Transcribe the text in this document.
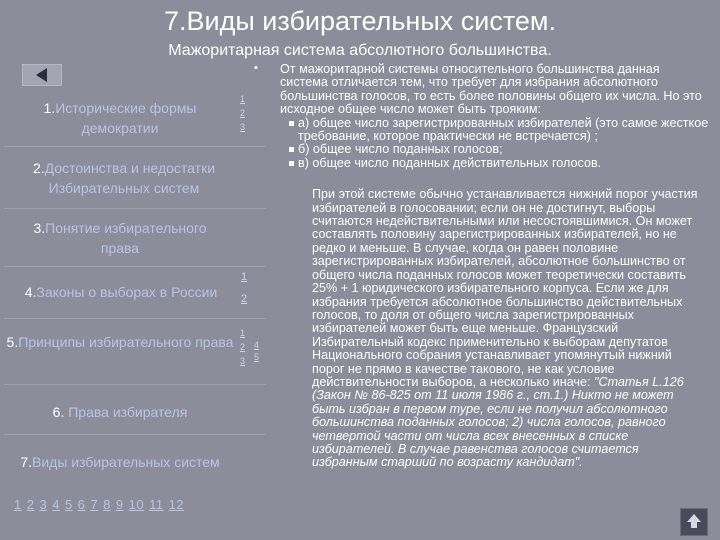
7.Виды избирательных систем.
Мажоритарная система абсолютного большинства.
1.Исторические формы демократии
1
2
3
2.Достоинства и недостатки Избирательных систем
3.Понятие избирательного права
4.Законы о выборах в России
1
2
5.Принципы избирательного права
1
2
3
4
5
6. Права избирателя
7.Виды избирательных систем
1 2 3 4 5 6 7 8 9 10 11 12
▪ От мажоритарной системы относительного большинства данная система отличается тем, что требует для избрания абсолютного большинства голосов, то есть более половины общего их числа. Но это исходное общее число может быть трояким:

а) общее число зарегистрированных избирателей (это самое жесткое требование, которое практически не встречается) ;
б) общее число поданных голосов;
в) общее число поданных действительных голосов.

При этой системе обычно устанавливается нижний порог участия избирателей в голосовании; если он не достигнут, выборы считаются недействительными или несостоявшимися. Он может составлять половину зарегистрированных избирателей, но не редко и меньше. В случае, когда он равен половине зарегистрированных избирателей, абсолютное большинство от общего числа поданных голосов может теоретически составить 25% + 1 юридического избирательного корпуса. Если же для избрания требуется абсолютное большинство действительных голосов, то доля от общего числа зарегистрированных избирателей может быть еще меньше. Французский Избирательный кодекс применительно к выборам депутатов Национального собрания устанавливает упомянутый нижний порог не прямо в качестве такового, не как условие действительности выборов, а несколько иначе: "Статья L.126 (Закон № 86-825 от 11 июля 1986 г., ст.1.) Никто не может быть избран в первом туре, если не получил абсолютного большинства поданных голосов; 2) числа голосов, равного четвертой части от числа всех внесенных в списке избирателей. В случае равенства голосов считается избранным старший по возрасту кандидат".
